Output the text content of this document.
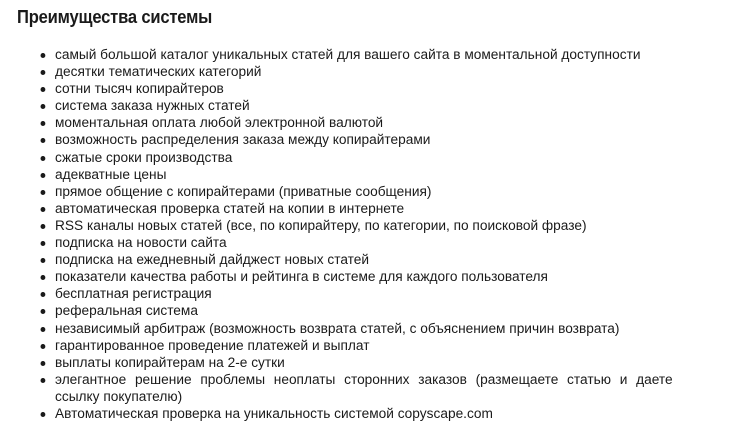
Преимущества системы
самый большой каталог уникальных статей для вашего сайта в моментальной доступности
десятки тематических категорий
сотни тысяч копирайтеров
система заказа нужных статей
моментальная оплата любой электронной валютой
возможность распределения заказа между копирайтерами
сжатые сроки производства
адекватные цены
прямое общение с копирайтерами (приватные сообщения)
автоматическая проверка статей на копии в интернете
RSS каналы новых статей (все, по копирайтеру, по категории, по поисковой фразе)
подписка на новости сайта
подписка на ежедневный дайджест новых статей
показатели качества работы и рейтинга в системе для каждого пользователя
бесплатная регистрация
реферальная система
независимый арбитраж (возможность возврата статей, с объяснением причин возврата)
гарантированное проведение платежей и выплат
выплаты копирайтерам на 2-е сутки
элегантное решение проблемы неоплаты сторонних заказов (размещаете статью и даете ссылку покупателю)
Автоматическая проверка на уникальность системой copyscape.com
